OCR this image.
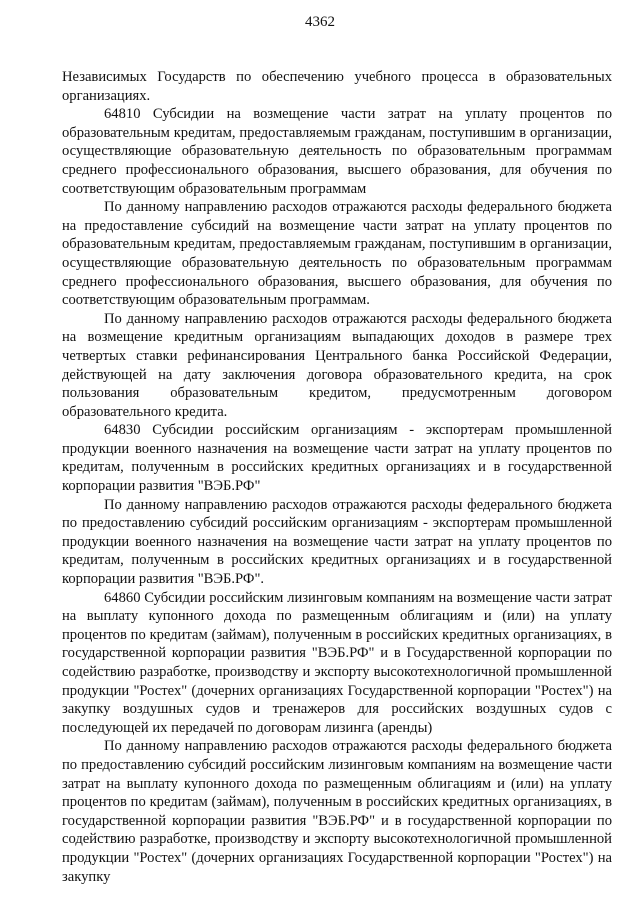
4362

Независимых Государств по обеспечению учебного процесса в образовательных организациях.

64810 Субсидии на возмещение части затрат на уплату процентов по образовательным кредитам, предоставляемым гражданам, поступившим в организации, осуществляющие образовательную деятельность по образовательным программам среднего профессионального образования, высшего образования, для обучения по соответствующим образовательным программам

По данному направлению расходов отражаются расходы федерального бюджета на предоставление субсидий на возмещение части затрат на уплату процентов по образовательным кредитам, предоставляемым гражданам, поступившим в организации, осуществляющие образовательную деятельность по образовательным программам среднего профессионального образования, высшего образования, для обучения по соответствующим образовательным программам.

По данному направлению расходов отражаются расходы федерального бюджета на возмещение кредитным организациям выпадающих доходов в размере трех четвертых ставки рефинансирования Центрального банка Российской Федерации, действующей на дату заключения договора образовательного кредита, на срок пользования образовательным кредитом, предусмотренным договором образовательного кредита.

64830 Субсидии российским организациям - экспортерам промышленной продукции военного назначения на возмещение части затрат на уплату процентов по кредитам, полученным в российских кредитных организациях и в государственной корпорации развития "ВЭБ.РФ"

По данному направлению расходов отражаются расходы федерального бюджета по предоставлению субсидий российским организациям - экспортерам промышленной продукции военного назначения на возмещение части затрат на уплату процентов по кредитам, полученным в российских кредитных организациях и в государственной корпорации развития "ВЭБ.РФ".

64860 Субсидии российским лизинговым компаниям на возмещение части затрат на выплату купонного дохода по размещенным облигациям и (или) на уплату процентов по кредитам (займам), полученным в российских кредитных организациях, в государственной корпорации развития "ВЭБ.РФ" и в Государственной корпорации по содействию разработке, производству и экспорту высокотехнологичной промышленной продукции "Ростех" (дочерних организациях Государственной корпорации "Ростех") на закупку воздушных судов и тренажеров для российских воздушных судов с последующей их передачей по договорам лизинга (аренды)

По данному направлению расходов отражаются расходы федерального бюджета по предоставлению субсидий российским лизинговым компаниям на возмещение части затрат на выплату купонного дохода по размещенным облигациям и (или) на уплату процентов по кредитам (займам), полученным в российских кредитных организациях, в государственной корпорации развития "ВЭБ.РФ" и в государственной корпорации по содействию разработке, производству и экспорту высокотехнологичной промышленной продукции "Ростех" (дочерних организациях Государственной корпорации "Ростех") на закупку
